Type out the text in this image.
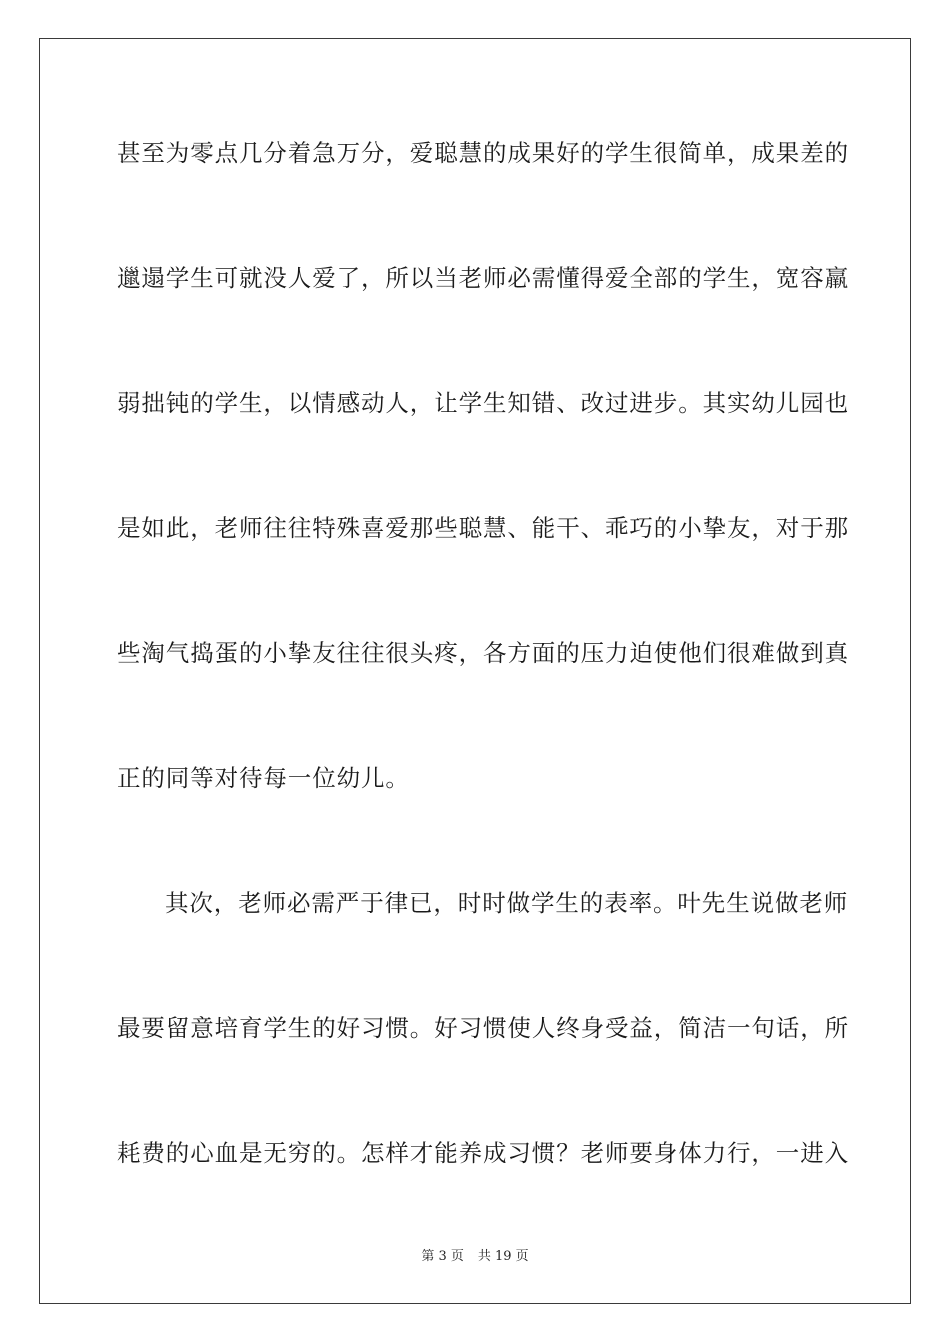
甚至为零点几分着急万分，爱聪慧的成果好的学生很简单，成果差的
邋遢学生可就没人爱了，所以当老师必需懂得爱全部的学生，宽容羸
弱拙钝的学生，以情感动人，让学生知错、改过进步。其实幼儿园也
是如此，老师往往特殊喜爱那些聪慧、能干、乖巧的小挚友，对于那
些淘气捣蛋的小挚友往往很头疼，各方面的压力迫使他们很难做到真
正的同等对待每一位幼儿。
其次，老师必需严于律已，时时做学生的表率。叶先生说做老师
最要留意培育学生的好习惯。好习惯使人终身受益，简洁一句话，所
耗费的心血是无穷的。怎样才能养成习惯？老师要身体力行，一进入
第 3 页 共 19 页
